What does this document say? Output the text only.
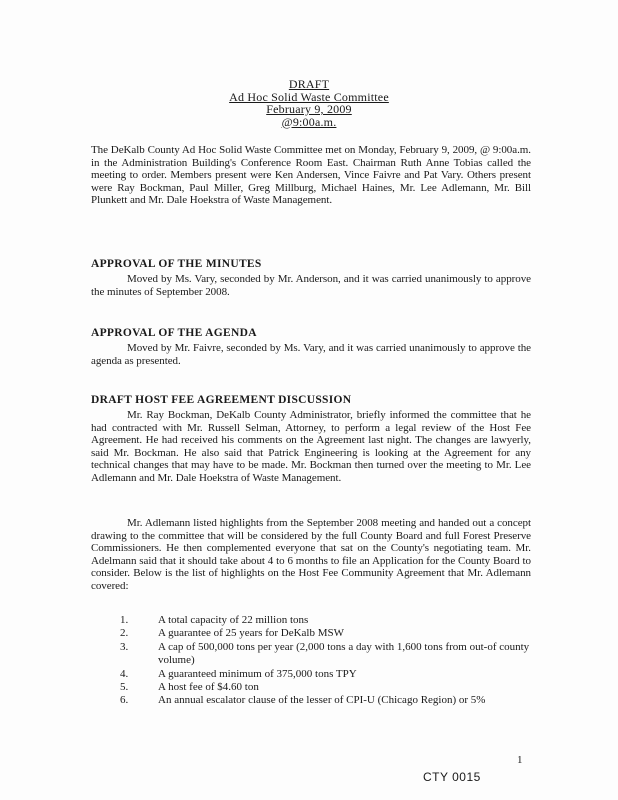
DRAFT
Ad Hoc Solid Waste Committee
February 9, 2009
@9:00a.m.
The DeKalb County Ad Hoc Solid Waste Committee met on Monday, February 9, 2009, @ 9:00a.m. in the Administration Building's Conference Room East. Chairman Ruth Anne Tobias called the meeting to order. Members present were Ken Andersen, Vince Faivre and Pat Vary. Others present were Ray Bockman, Paul Miller, Greg Millburg, Michael Haines, Mr. Lee Adlemann, Mr. Bill Plunkett and Mr. Dale Hoekstra of Waste Management.
APPROVAL OF THE MINUTES
Moved by Ms. Vary, seconded by Mr. Anderson, and it was carried unanimously to approve the minutes of September 2008.
APPROVAL OF THE AGENDA
Moved by Mr. Faivre, seconded by Ms. Vary, and it was carried unanimously to approve the agenda as presented.
DRAFT HOST FEE AGREEMENT DISCUSSION
Mr. Ray Bockman, DeKalb County Administrator, briefly informed the committee that he had contracted with Mr. Russell Selman, Attorney, to perform a legal review of the Host Fee Agreement. He had received his comments on the Agreement last night. The changes are lawyerly, said Mr. Bockman. He also said that Patrick Engineering is looking at the Agreement for any technical changes that may have to be made. Mr. Bockman then turned over the meeting to Mr. Lee Adlemann and Mr. Dale Hoekstra of Waste Management.
Mr. Adlemann listed highlights from the September 2008 meeting and handed out a concept drawing to the committee that will be considered by the full County Board and full Forest Preserve Commissioners. He then complemented everyone that sat on the County's negotiating team. Mr. Adelmann said that it should take about 4 to 6 months to file an Application for the County Board to consider. Below is the list of highlights on the Host Fee Community Agreement that Mr. Adlemann covered:
1.	A total capacity of 22 million tons
2.	A guarantee of 25 years for DeKalb MSW
3.	A cap of 500,000 tons per year (2,000 tons a day with 1,600 tons from out-of county volume)
4.	A guaranteed minimum of 375,000 tons TPY
5.	A host fee of $4.60 ton
6.	An annual escalator clause of the lesser of CPI-U (Chicago Region) or 5%
1
CTY 0015
